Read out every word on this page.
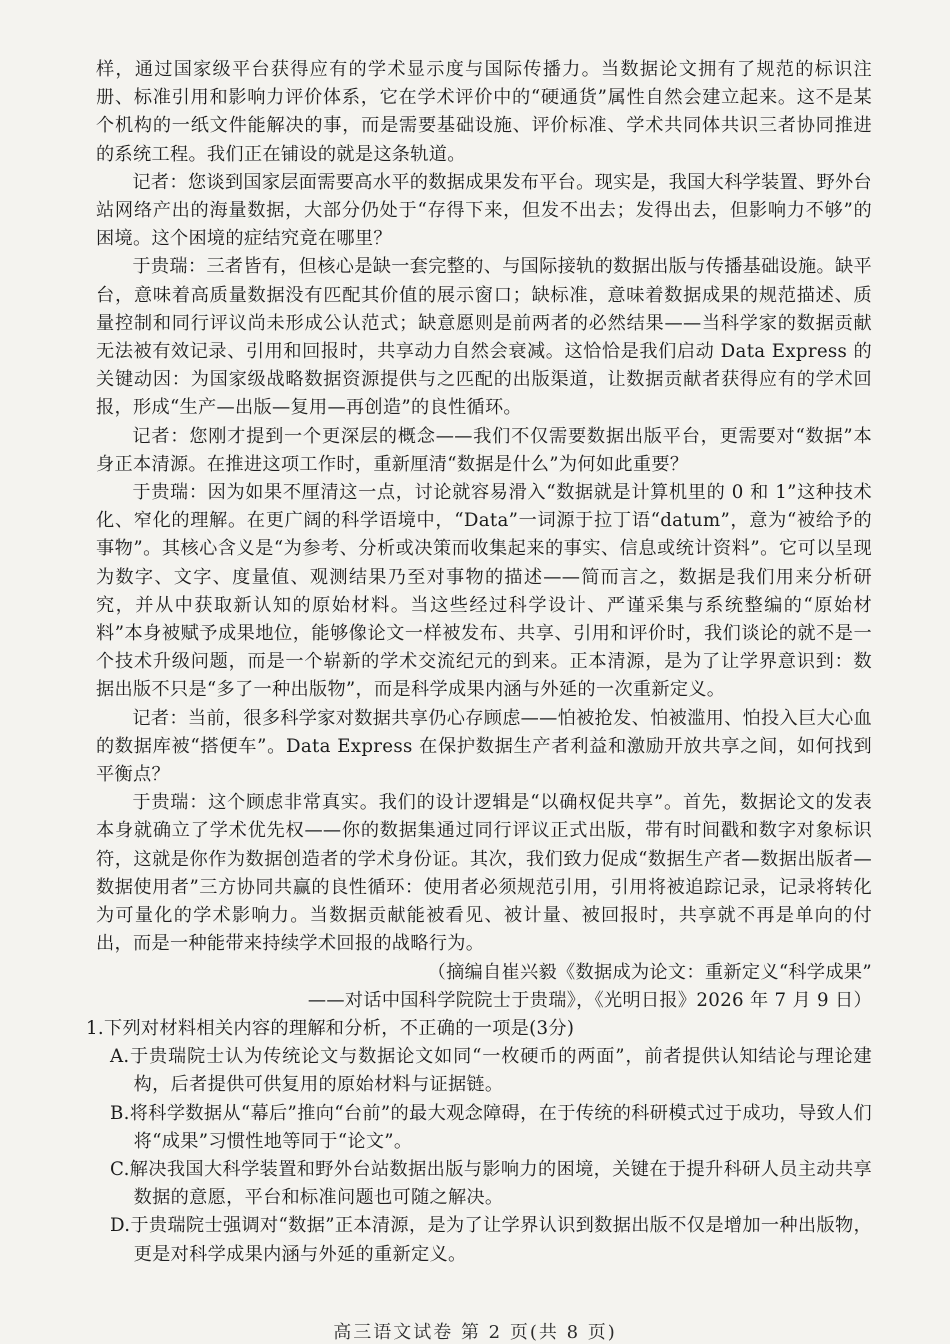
样，通过国家级平台获得应有的学术显示度与国际传播力。当数据论文拥有了规范的标识注册、标准引用和影响力评价体系，它在学术评价中的“硬通货”属性自然会建立起来。这不是某个机构的一纸文件能解决的事，而是需要基础设施、评价标准、学术共同体共识三者协同推进的系统工程。我们正在铺设的就是这条轨道。

记者：您谈到国家层面需要高水平的数据成果发布平台。现实是，我国大科学装置、野外台站网络产出的海量数据，大部分仍处于“存得下来，但发不出去；发得出去，但影响力不够”的困境。这个困境的症结究竟在哪里？

于贵瑞：三者皆有，但核心是缺一套完整的、与国际接轨的数据出版与传播基础设施。缺平台，意味着高质量数据没有匹配其价值的展示窗口；缺标准，意味着数据成果的规范描述、质量控制和同行评议尚未形成公认范式；缺意愿则是前两者的必然结果——当科学家的数据贡献无法被有效记录、引用和回报时，共享动力自然会衰减。这恰恰是我们启动 Data Express 的关键动因：为国家级战略数据资源提供与之匹配的出版渠道，让数据贡献者获得应有的学术回报，形成“生产—出版—复用—再创造”的良性循环。

记者：您刚才提到一个更深层的概念——我们不仅需要数据出版平台，更需要对“数据”本身正本清源。在推进这项工作时，重新厘清“数据是什么”为何如此重要？

于贵瑞：因为如果不厘清这一点，讨论就容易滑入“数据就是计算机里的 0 和 1”这种技术化、窄化的理解。在更广阔的科学语境中，“Data”一词源于拉丁语“datum”，意为“被给予的事物”。其核心含义是“为参考、分析或决策而收集起来的事实、信息或统计资料”。它可以呈现为数字、文字、度量值、观测结果乃至对事物的描述——简而言之，数据是我们用来分析研究，并从中获取新认知的原始材料。当这些经过科学设计、严谨采集与系统整编的“原始材料”本身被赋予成果地位，能够像论文一样被发布、共享、引用和评价时，我们谈论的就不是一个技术升级问题，而是一个崭新的学术交流纪元的到来。正本清源，是为了让学界意识到：数据出版不只是“多了一种出版物”，而是科学成果内涵与外延的一次重新定义。

记者：当前，很多科学家对数据共享仍心存顾虑——怕被抢发、怕被滥用、怕投入巨大心血的数据库被“搭便车”。Data Express 在保护数据生产者利益和激励开放共享之间，如何找到平衡点？

于贵瑞：这个顾虑非常真实。我们的设计逻辑是“以确权促共享”。首先，数据论文的发表本身就确立了学术优先权——你的数据集通过同行评议正式出版，带有时间戳和数字对象标识符，这就是你作为数据创造者的学术身份证。其次，我们致力促成“数据生产者—数据出版者—数据使用者”三方协同共赢的良性循环：使用者必须规范引用，引用将被追踪记录，记录将转化为可量化的学术影响力。当数据贡献能被看见、被计量、被回报时，共享就不再是单向的付出，而是一种能带来持续学术回报的战略行为。

（摘编自崔兴毅《数据成为论文：重新定义“科学成果”

——对话中国科学院院士于贵瑞》，《光明日报》2026 年 7 月 9 日）

1.下列对材料相关内容的理解和分析，不正确的一项是(3分)

A.于贵瑞院士认为传统论文与数据论文如同“一枚硬币的两面”，前者提供认知结论与理论建构，后者提供可供复用的原始材料与证据链。

B.将科学数据从“幕后”推向“台前”的最大观念障碍，在于传统的科研模式过于成功，导致人们将“成果”习惯性地等同于“论文”。

C.解决我国大科学装置和野外台站数据出版与影响力的困境，关键在于提升科研人员主动共享数据的意愿，平台和标准问题也可随之解决。

D.于贵瑞院士强调对“数据”正本清源，是为了让学界认识到数据出版不仅是增加一种出版物，更是对科学成果内涵与外延的重新定义。

高三语文试卷 第 2 页(共 8 页)
